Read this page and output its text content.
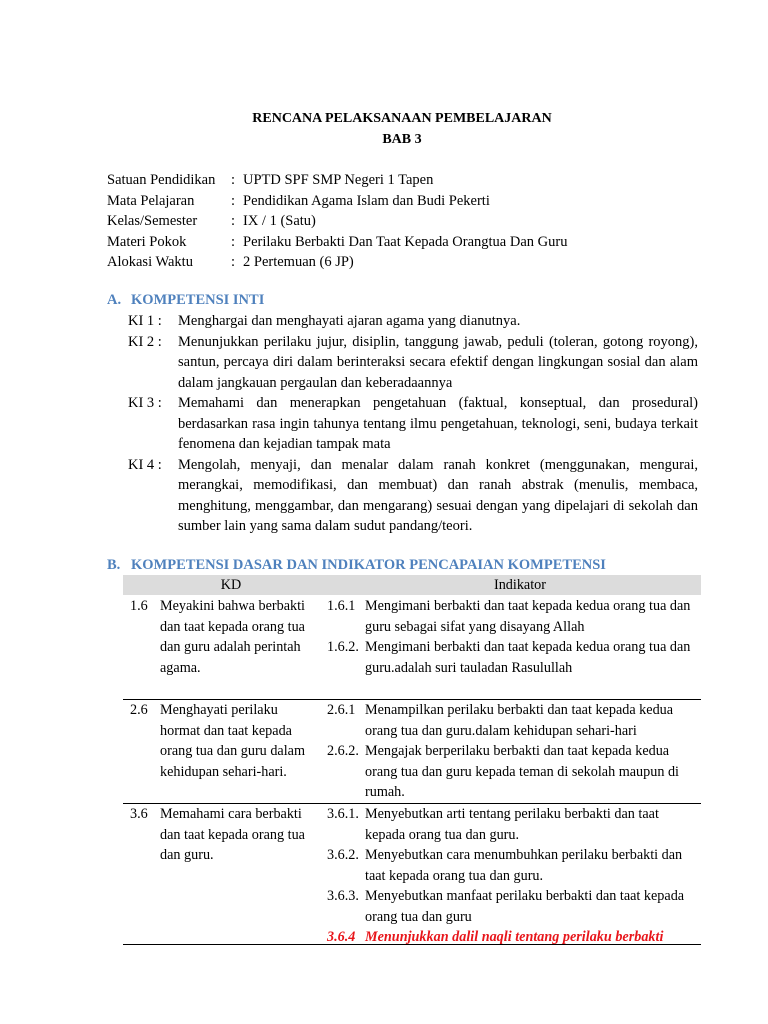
RENCANA PELAKSANAAN PEMBELAJARAN
BAB 3
Satuan Pendidikan : UPTD SPF SMP Negeri 1 Tapen
Mata Pelajaran	: Pendidikan Agama Islam dan Budi Pekerti
Kelas/Semester : IX / 1 (Satu)
Materi Pokok	: Perilaku Berbakti Dan Taat Kepada Orangtua Dan Guru
Alokasi Waktu	: 2 Pertemuan (6 JP)
A. KOMPETENSI INTI
KI 1 : Menghargai dan menghayati ajaran agama yang dianutnya.
KI 2 : Menunjukkan perilaku jujur, disiplin, tanggung jawab, peduli (toleran, gotong royong), santun, percaya diri dalam berinteraksi secara efektif dengan lingkungan sosial dan alam dalam jangkauan pergaulan dan keberadaannya
KI 3 : Memahami dan menerapkan pengetahuan (faktual, konseptual, dan prosedural) berdasarkan rasa ingin tahunya tentang ilmu pengetahuan, teknologi, seni, budaya terkait fenomena dan kejadian tampak mata
KI 4 : Mengolah, menyaji, dan menalar dalam ranah konkret (menggunakan, mengurai, merangkai, memodifikasi, dan membuat) dan ranah abstrak (menulis, membaca, menghitung, menggambar, dan mengarang) sesuai dengan yang dipelajari di sekolah dan sumber lain yang sama dalam sudut pandang/teori.
B. KOMPETENSI DASAR DAN INDIKATOR PENCAPAIAN KOMPETENSI
KD	Indikator
1.6 Meyakini bahwa berbakti dan taat kepada orang tua dan guru adalah perintah agama.
1.6.1 Mengimani berbakti dan taat kepada kedua orang tua dan guru sebagai sifat yang disayang Allah
1.6.2. Mengimani berbakti dan taat kepada kedua orang tua dan guru.adalah suri tauladan Rasulullah
2.6 Menghayati perilaku hormat dan taat kepada orang tua dan guru dalam kehidupan sehari-hari.
2.6.1 Menampilkan perilaku berbakti dan taat kepada kedua orang tua dan guru.dalam kehidupan sehari-hari
2.6.2. Mengajak berperilaku berbakti dan taat kepada kedua orang tua dan guru kepada teman di sekolah maupun di rumah.
3.6 Memahami cara berbakti dan taat kepada orang tua dan guru.
3.6.1. Menyebutkan arti tentang perilaku berbakti dan taat kepada orang tua dan guru.
3.6.2. Menyebutkan cara menumbuhkan perilaku berbakti dan taat kepada orang tua dan guru.
3.6.3. Menyebutkan manfaat perilaku berbakti dan taat kepada orang tua dan guru
3.6.4 Menunjukkan dalil naqli tentang perilaku berbakti
